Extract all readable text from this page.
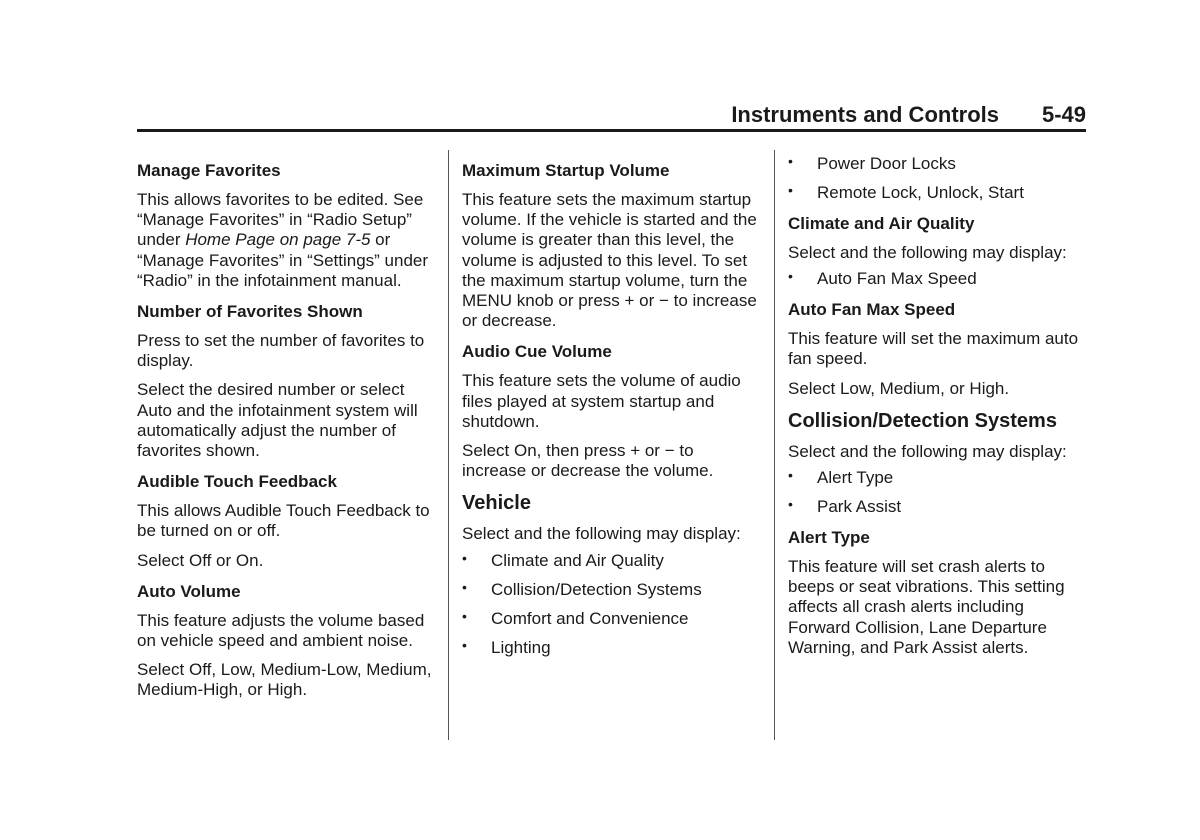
Instruments and Controls 5-49
Manage Favorites
This allows favorites to be edited. See “Manage Favorites” in “Radio Setup” under Home Page on page 7-5 or “Manage Favorites” in “Settings” under “Radio” in the infotainment manual.
Number of Favorites Shown
Press to set the number of favorites to display.
Select the desired number or select Auto and the infotainment system will automatically adjust the number of favorites shown.
Audible Touch Feedback
This allows Audible Touch Feedback to be turned on or off.
Select Off or On.
Auto Volume
This feature adjusts the volume based on vehicle speed and ambient noise.
Select Off, Low, Medium-Low, Medium, Medium-High, or High.
Maximum Startup Volume
This feature sets the maximum startup volume. If the vehicle is started and the volume is greater than this level, the volume is adjusted to this level. To set the maximum startup volume, turn the MENU knob or press + or − to increase or decrease.
Audio Cue Volume
This feature sets the volume of audio files played at system startup and shutdown.
Select On, then press + or − to increase or decrease the volume.
Vehicle
Select and the following may display:
• Climate and Air Quality
• Collision/Detection Systems
• Comfort and Convenience
• Lighting
• Power Door Locks
• Remote Lock, Unlock, Start
Climate and Air Quality
Select and the following may display:
• Auto Fan Max Speed
Auto Fan Max Speed
This feature will set the maximum auto fan speed.
Select Low, Medium, or High.
Collision/Detection Systems
Select and the following may display:
• Alert Type
• Park Assist
Alert Type
This feature will set crash alerts to beeps or seat vibrations. This setting affects all crash alerts including Forward Collision, Lane Departure Warning, and Park Assist alerts.
